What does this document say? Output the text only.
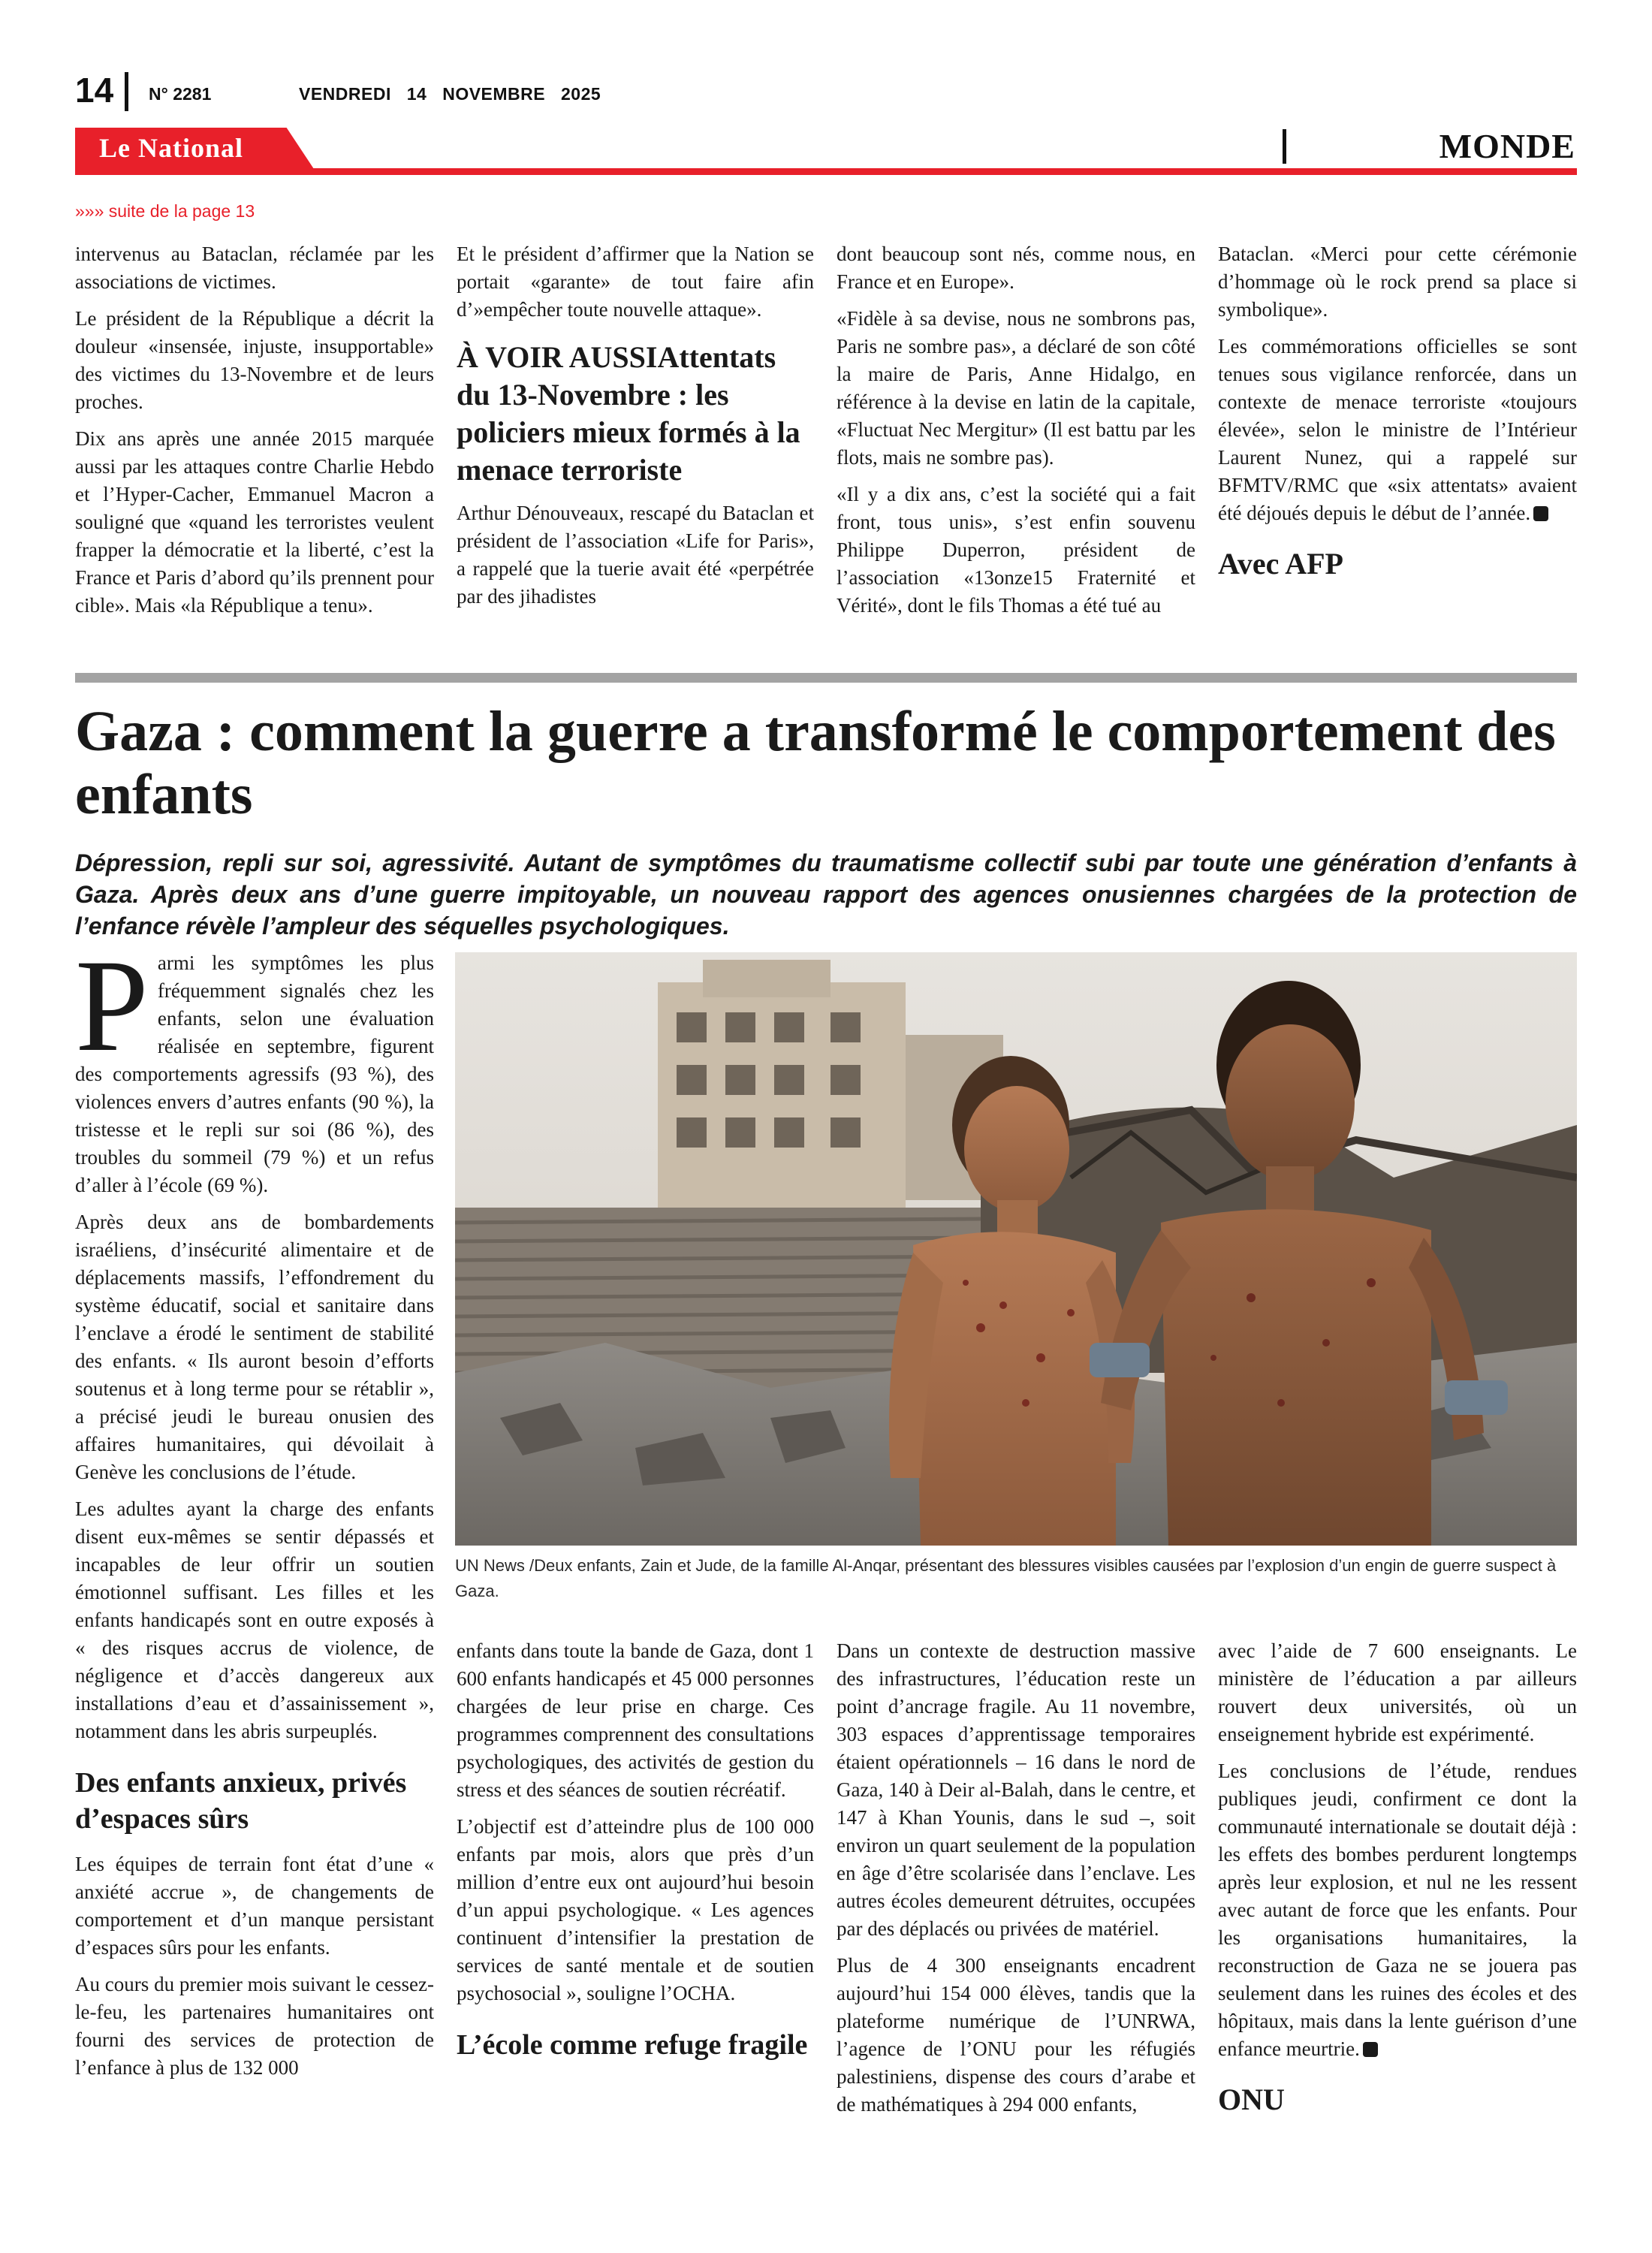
14 N° 2281	VENDREDI 14 NOVEMBRE 2025
Le National	MONDE
»»» suite de la page 13

intervenus au Bataclan, réclamée par les associations de victimes.

Le président de la République a décrit la douleur «insensée, injuste, insupportable» des victimes du 13-Novembre et de leurs proches.

Dix ans après une année 2015 marquée aussi par les attaques contre Charlie Hebdo et l’Hyper-Cacher, Emmanuel Macron a souligné que «quand les terroristes veulent frapper la démocratie et la liberté, c’est la France et Paris d’abord qu’ils prennent pour cible». Mais «la République a tenu».

Et le président d’affirmer que la Nation se portait «garante» de tout faire afin d’»empêcher toute nouvelle attaque».

À VOIR AUSSIAttentats du 13-Novembre : les policiers mieux formés à la menace terroriste

Arthur Dénouveaux, rescapé du Bataclan et président de l’association «Life for Paris», a rappelé que la tuerie avait été «perpétrée par des jihadistes

dont beaucoup sont nés, comme nous, en France et en Europe».

«Fidèle à sa devise, nous ne sombrons pas, Paris ne sombre pas», a déclaré de son côté la maire de Paris, Anne Hidalgo, en référence à la devise en latin de la capitale, «Fluctuat Nec Mergitur» (Il est battu par les flots, mais ne sombre pas).

«Il y a dix ans, c’est la société qui a fait front, tous unis», s’est enfin souvenu Philippe Duperron, président de l’association «13onze15 Fraternité et Vérité», dont le fils Thomas a été tué au

Bataclan. «Merci pour cette cérémonie d’hommage où le rock prend sa place si symbolique».

Les commémorations officielles se sont tenues sous vigilance renforcée, dans un contexte de menace terroriste «toujours élevée», selon le ministre de l’Intérieur Laurent Nunez, qui a rappelé sur BFMTV/RMC que «six attentats» avaient été déjoués depuis le début de l’année.

Avec AFP
Gaza : comment la guerre a transformé le comportement des enfants
Dépression, repli sur soi, agressivité. Autant de symptômes du traumatisme collectif subi par toute une génération d’enfants à Gaza. Après deux ans d’une guerre impitoyable, un nouveau rapport des agences onusiennes chargées de la protection de l’enfance révèle l’ampleur des séquelles psychologiques.

Parmi les symptômes les plus fréquemment signalés chez les enfants, selon une évaluation réalisée en septembre, figurent des comportements agressifs (93 %), des violences envers d’autres enfants (90 %), la tristesse et le repli sur soi (86 %), des troubles du sommeil (79 %) et un refus d’aller à l’école (69 %).

Après deux ans de bombardements israéliens, d’insécurité alimentaire et de déplacements massifs, l’effondrement du système éducatif, social et sanitaire dans l’enclave a érodé le sentiment de stabilité des enfants. « Ils auront besoin d’efforts soutenus et à long terme pour se rétablir », a précisé jeudi le bureau onusien des affaires humanitaires, qui dévoilait à Genève les conclusions de l’étude.

Les adultes ayant la charge des enfants disent eux-mêmes se sentir dépassés et incapables de leur offrir un soutien émotionnel suffisant. Les filles et les enfants handicapés sont en outre exposés à « des risques accrus de violence, de négligence et d’accès dangereux aux installations d’eau et d’assainissement », notamment dans les abris surpeuplés.

Des enfants anxieux, privés d’espaces sûrs

Les équipes de terrain font état d’une « anxiété accrue », de changements de comportement et d’un manque persistant d’espaces sûrs pour les enfants.

Au cours du premier mois suivant le cessez-le-feu, les partenaires humanitaires ont fourni des services de protection de l’enfance à plus de 132 000

UN News /Deux enfants, Zain et Jude, de la famille Al-Anqar, présentant des blessures visibles causées par l’explosion d’un engin de guerre suspect à Gaza.

enfants dans toute la bande de Gaza, dont 1 600 enfants handicapés et 45 000 personnes chargées de leur prise en charge. Ces programmes comprennent des consultations psychologiques, des activités de gestion du stress et des séances de soutien récréatif.

L’objectif est d’atteindre plus de 100 000 enfants par mois, alors que près d’un million d’entre eux ont aujourd’hui besoin d’un appui psychologique. « Les agences continuent d’intensifier la prestation de services de santé mentale et de soutien psychosocial », souligne l’OCHA.

L’école comme refuge fragile

Dans un contexte de destruction massive des infrastructures, l’éducation reste un point d’ancrage fragile. Au 11 novembre, 303 espaces d’apprentissage temporaires étaient opérationnels – 16 dans le nord de Gaza, 140 à Deir al-Balah, dans le centre, et 147 à Khan Younis, dans le sud –, soit environ un quart seulement de la population en âge d’être scolarisée dans l’enclave. Les autres écoles demeurent détruites, occupées par des déplacés ou privées de matériel.

Plus de 4 300 enseignants encadrent aujourd’hui 154 000 élèves, tandis que la plateforme numérique de l’UNRWA, l’agence de l’ONU pour les réfugiés palestiniens, dispense des cours d’arabe et de mathématiques à 294 000 enfants,

avec l’aide de 7 600 enseignants. Le ministère de l’éducation a par ailleurs rouvert deux universités, où un enseignement hybride est expérimenté.

Les conclusions de l’étude, rendues publiques jeudi, confirment ce dont la communauté internationale se doutait déjà : les effets des bombes perdurent longtemps après leur explosion, et nul ne les ressent avec autant de force que les enfants. Pour les organisations humanitaires, la reconstruction de Gaza ne se jouera pas seulement dans les ruines des écoles et des hôpitaux, mais dans la lente guérison d’une enfance meurtrie.

ONU
